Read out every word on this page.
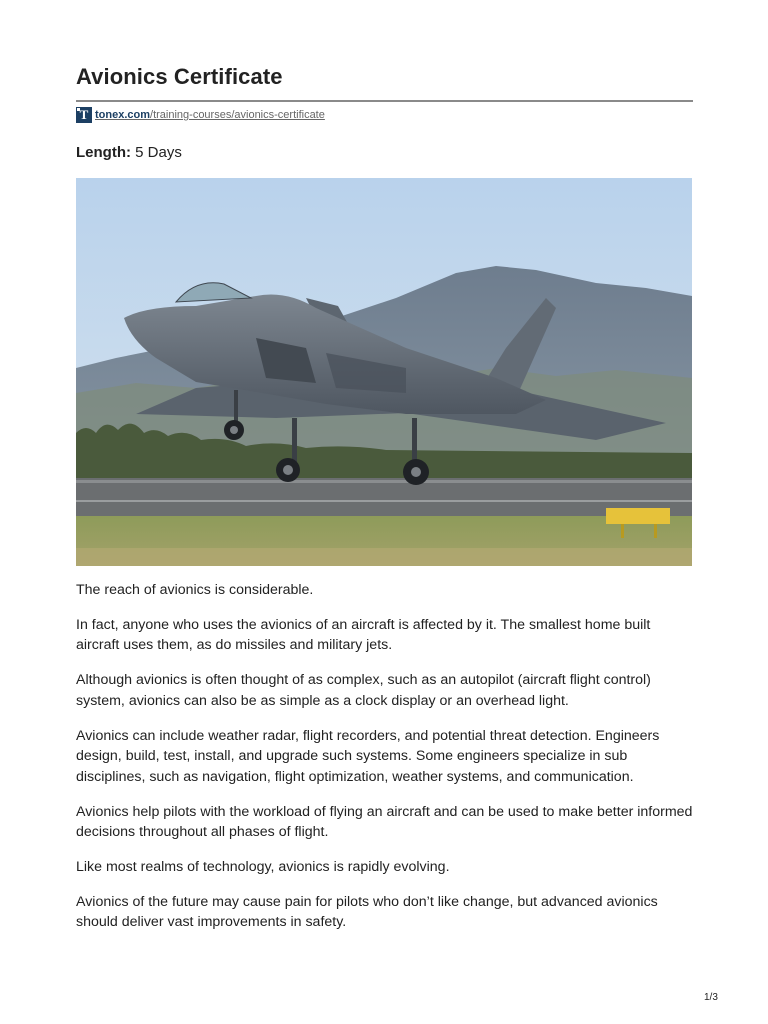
Avionics Certificate
T tonex.com/training-courses/avionics-certificate
Length: 5 Days

The reach of avionics is considerable.

In fact, anyone who uses the avionics of an aircraft is affected by it. The smallest home built aircraft uses them, as do missiles and military jets.

Although avionics is often thought of as complex, such as an autopilot (aircraft flight control) system, avionics can also be as simple as a clock display or an overhead light.

Avionics can include weather radar, flight recorders, and potential threat detection. Engineers design, build, test, install, and upgrade such systems. Some engineers specialize in sub disciplines, such as navigation, flight optimization, weather systems, and communication.

Avionics help pilots with the workload of flying an aircraft and can be used to make better informed decisions throughout all phases of flight.

Like most realms of technology, avionics is rapidly evolving.

Avionics of the future may cause pain for pilots who don’t like change, but advanced avionics should deliver vast improvements in safety.

1/3
